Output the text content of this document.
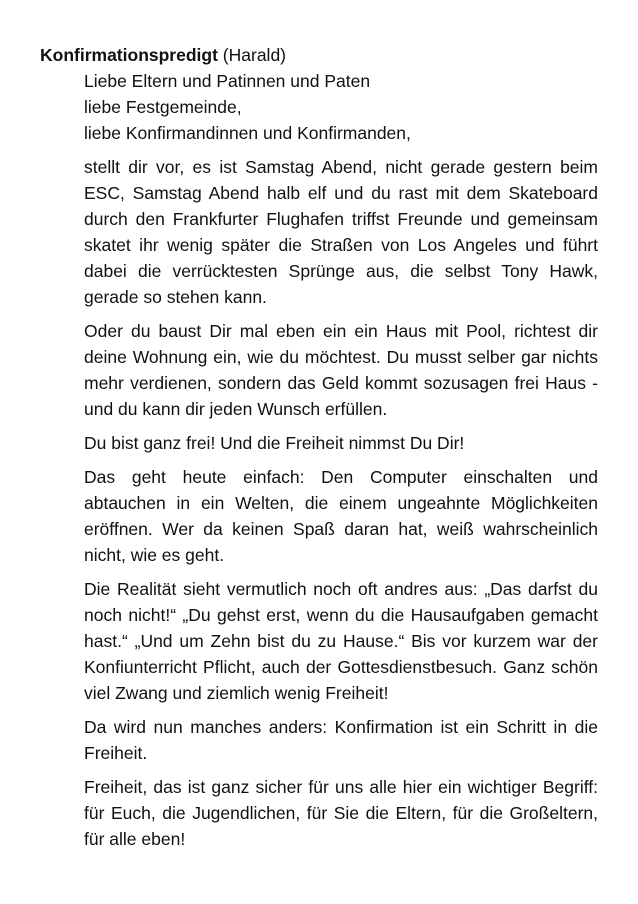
Konfirmationspredigt (Harald)

Liebe Eltern und Patinnen und Paten
liebe Festgemeinde,
liebe Konfirmandinnen und Konfirmanden,

stellt dir vor, es ist Samstag Abend, nicht gerade gestern beim ESC, Samstag Abend halb elf und du rast mit dem Skateboard durch den Frankfurter Flughafen triffst Freunde und gemeinsam skatet ihr wenig später die Straßen von Los Angeles und führt dabei die verrücktesten Sprünge aus, die selbst Tony Hawk, gerade so stehen kann.

Oder du baust Dir mal eben ein ein Haus mit Pool, richtest dir deine Wohnung ein, wie du möchtest. Du musst selber gar nichts mehr verdienen, sondern das Geld kommt sozusagen frei Haus - und du kann dir jeden Wunsch erfüllen.

Du bist ganz frei! Und die Freiheit nimmst Du Dir!

Das geht heute einfach: Den Computer einschalten und abtauchen in ein Welten, die einem ungeahnte Möglichkeiten eröffnen. Wer da keinen Spaß daran hat, weiß wahrscheinlich nicht, wie es geht.

Die Realität sieht vermutlich noch oft andres aus: „Das darfst du noch nicht!“ „Du gehst erst, wenn du die Hausaufgaben gemacht hast.“ „Und um Zehn bist du zu Hause.“ Bis vor kurzem war der Konfiunterricht Pflicht, auch der Gottesdienstbesuch. Ganz schön viel Zwang und ziemlich wenig Freiheit!

Da wird nun manches anders: Konfirmation ist ein Schritt in die Freiheit.

Freiheit, das ist ganz sicher für uns alle hier ein wichtiger Begriff: für Euch, die Jugendlichen, für Sie die Eltern, für die Großeltern, für alle eben!
